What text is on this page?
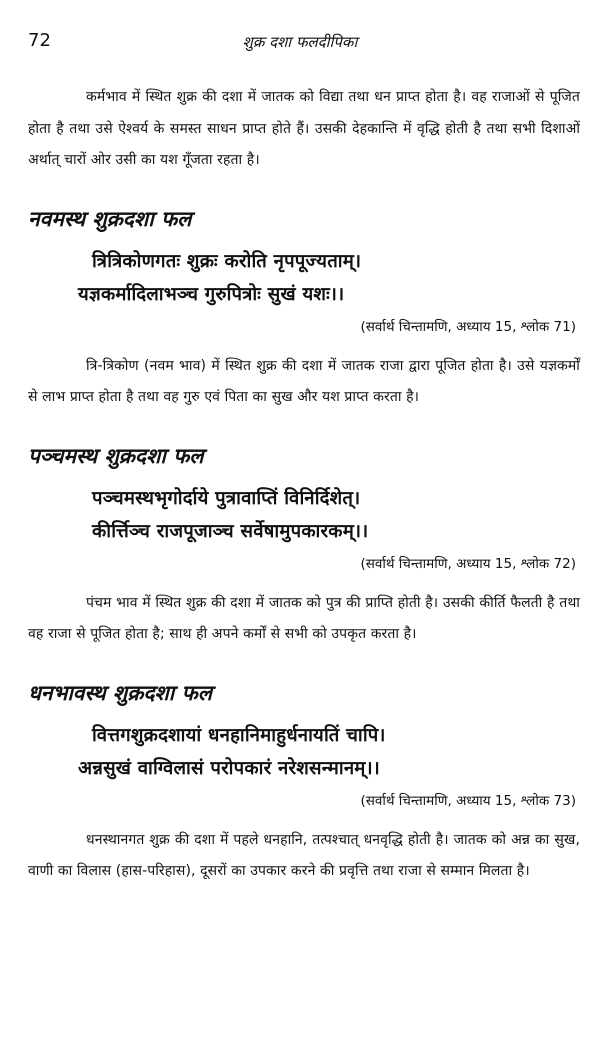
72	शुक्र दशा फलदीपिका

कर्मभाव में स्थित शुक्र की दशा में जातक को विद्या तथा धन प्राप्त होता है। वह राजाओं से पूजित होता है तथा उसे ऐश्वर्य के समस्त साधन प्राप्त होते हैं। उसकी देहकान्ति में वृद्धि होती है तथा सभी दिशाओं अर्थात् चारों ओर उसी का यश गूँजता रहता है।

नवमस्थ शुक्रदशा फल
त्रित्रिकोणगतः शुक्रः करोति नृपपूज्यताम्।
यज्ञकर्मादिलाभञ्च गुरुपित्रोः सुखं यशः।।
(सर्वार्थ चिन्तामणि, अध्याय 15, श्लोक 71)

त्रि-त्रिकोण (नवम भाव) में स्थित शुक्र की दशा में जातक राजा द्वारा पूजित होता है। उसे यज्ञकर्मों से लाभ प्राप्त होता है तथा वह गुरु एवं पिता का सुख और यश प्राप्त करता है।

पञ्चमस्थ शुक्रदशा फल
पञ्चमस्थभृगोर्दाये पुत्रावाप्तिं विनिर्दिशेत्।
कीर्त्तिञ्च राजपूजाञ्च सर्वेषामुपकारकम्।।
(सर्वार्थ चिन्तामणि, अध्याय 15, श्लोक 72)

पंचम भाव में स्थित शुक्र की दशा में जातक को पुत्र की प्राप्ति होती है। उसकी कीर्ति फैलती है तथा वह राजा से पूजित होता है; साथ ही अपने कर्मों से सभी को उपकृत करता है।

धनभावस्थ शुक्रदशा फल
वित्तगशुक्रदशायां धनहानिमाहुर्धनायतिं चापि।
अन्नसुखं वाग्विलासं परोपकारं नरेशसन्मानम्।।
(सर्वार्थ चिन्तामणि, अध्याय 15, श्लोक 73)

धनस्थानगत शुक्र की दशा में पहले धनहानि, तत्पश्चात् धनवृद्धि होती है। जातक को अन्न का सुख, वाणी का विलास (हास-परिहास), दूसरों का उपकार करने की प्रवृत्ति तथा राजा से सम्मान मिलता है।
